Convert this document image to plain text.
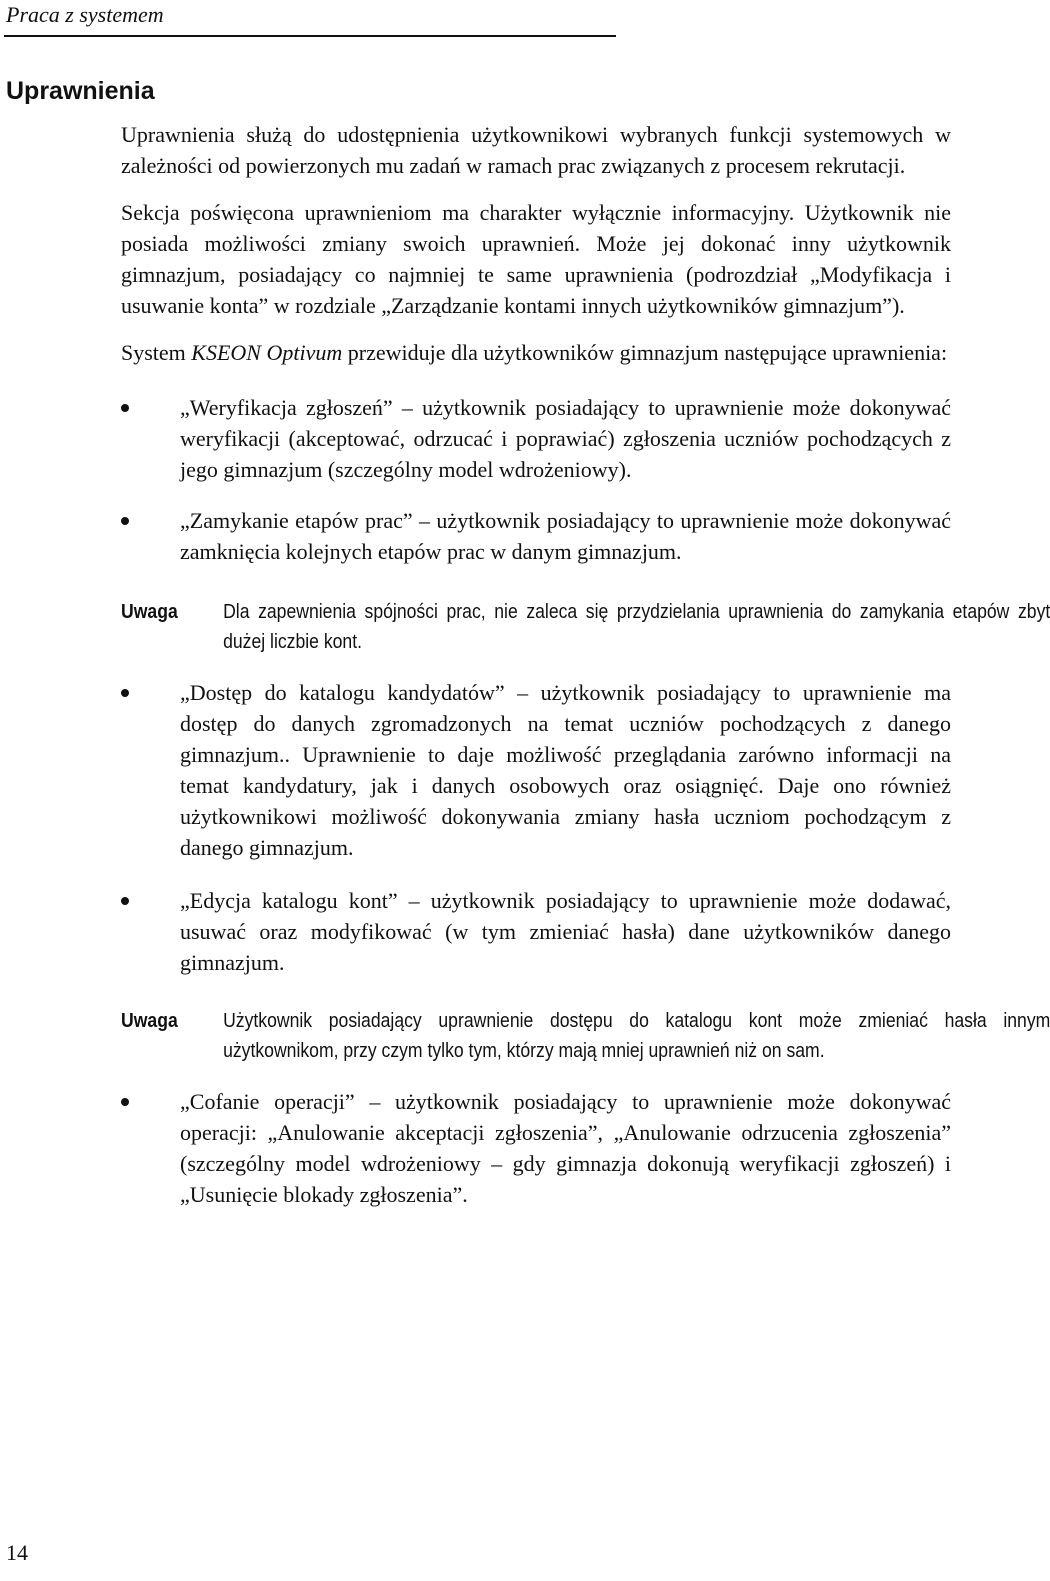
Praca z systemem
Uprawnienia

Uprawnienia służą do udostępnienia użytkownikowi wybranych funkcji systemowych w zależności od powierzonych mu zadań w ramach prac związanych z procesem rekrutacji.

Sekcja poświęcona uprawnieniom ma charakter wyłącznie informacyjny. Użytkownik nie posiada możliwości zmiany swoich uprawnień. Może jej dokonać inny użytkownik gimnazjum, posiadający co najmniej te same uprawnienia (podrozdział „Modyfikacja i usuwanie konta” w rozdziale „Zarządzanie kontami innych użytkowników gimnazjum”).

System KSEON Optivum przewiduje dla użytkowników gimnazjum następujące uprawnienia:

„Weryfikacja zgłoszeń” – użytkownik posiadający to uprawnienie może dokonywać weryfikacji (akceptować, odrzucać i poprawiać) zgłoszenia uczniów pochodzących z jego gimnazjum (szczególny model wdrożeniowy).
„Zamykanie etapów prac” – użytkownik posiadający to uprawnienie może dokonywać zamknięcia kolejnych etapów prac w danym gimnazjum.
Uwaga Dla zapewnienia spójności prac, nie zaleca się przydzielania uprawnienia do zamykania etapów zbyt dużej liczbie kont.
„Dostęp do katalogu kandydatów” – użytkownik posiadający to uprawnienie ma dostęp do danych zgromadzonych na temat uczniów pochodzących z danego gimnazjum.. Uprawnienie to daje możliwość przeglądania zarówno informacji na temat kandydatury, jak i danych osobowych oraz osiągnięć. Daje ono również użytkownikowi możliwość dokonywania zmiany hasła uczniom pochodzącym z danego gimnazjum.
„Edycja katalogu kont” – użytkownik posiadający to uprawnienie może dodawać, usuwać oraz modyfikować (w tym zmieniać hasła) dane użytkowników danego gimnazjum.
Uwaga Użytkownik posiadający uprawnienie dostępu do katalogu kont może zmieniać hasła innym użytkownikom, przy czym tylko tym, którzy mają mniej uprawnień niż on sam.
„Cofanie operacji” – użytkownik posiadający to uprawnienie może dokonywać operacji: „Anulowanie akceptacji zgłoszenia”, „Anulowanie odrzucenia zgłoszenia” (szczególny model wdrożeniowy – gdy gimnazja dokonują weryfikacji zgłoszeń) i „Usunięcie blokady zgłoszenia”.
14
